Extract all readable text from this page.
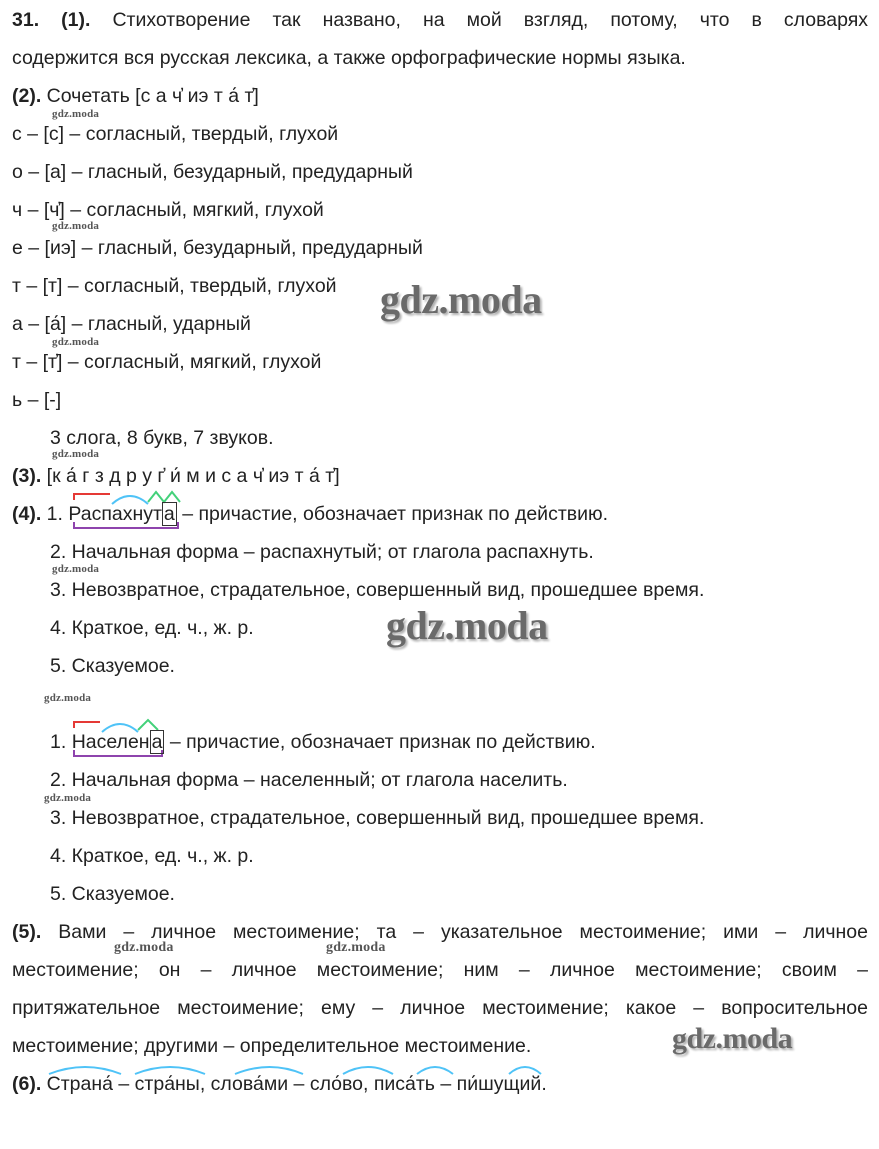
31. (1). Стихотворение так названо, на мой взгляд, потому, что в словарях
содержится вся русская лексика, а также орфографические нормы языка.
(2). Сочетать [с а ч҆ иэ т а́ т҆]
с – [с] – согласный, твердый, глухой
о – [а] – гласный, безударный, предударный
ч – [ч҆] – согласный, мягкий, глухой
е – [иэ] – гласный, безударный, предударный
т – [т] – согласный, твердый, глухой
а – [а́] – гласный, ударный
т – [т҆] – согласный, мягкий, глухой
ь – [-]
3 слога, 8 букв, 7 звуков.
(3). [к а́ г з д р у г҆ и́ м и с а ч҆ иэ т а́ т҆]
(4). 1. Распахнут а – причастие, обозначает признак по действию.
2. Начальная форма – распахнутый; от глагола распахнуть.
3. Невозвратное, страдательное, совершенный вид, прошедшее время.
4. Краткое, ед. ч., ж. р.
5. Сказуемое.
1. Населен а – причастие, обозначает признак по действию.
2. Начальная форма – населенный; от глагола населить.
3. Невозвратное, страдательное, совершенный вид, прошедшее время.
4. Краткое, ед. ч., ж. р.
5. Сказуемое.
(5). Вами – личное местоимение; та – указательное местоимение; ими – личное
местоимение; он – личное местоимение; ним – личное местоимение; своим –
притяжательное местоимение; ему – личное местоимение; какое – вопросительное
местоимение; другими – определительное местоимение.
(6). Страна́ – стра́ны, слова́ми – сло́во, писа́ть – пи́шущий.
gdz.moda
gdz.moda
gdz.moda
gdz.moda
gdz.moda
gdz.moda
gdz.moda
gdz.moda	gdz.moda
gdz.moda
gdz.moda
gdz.moda
